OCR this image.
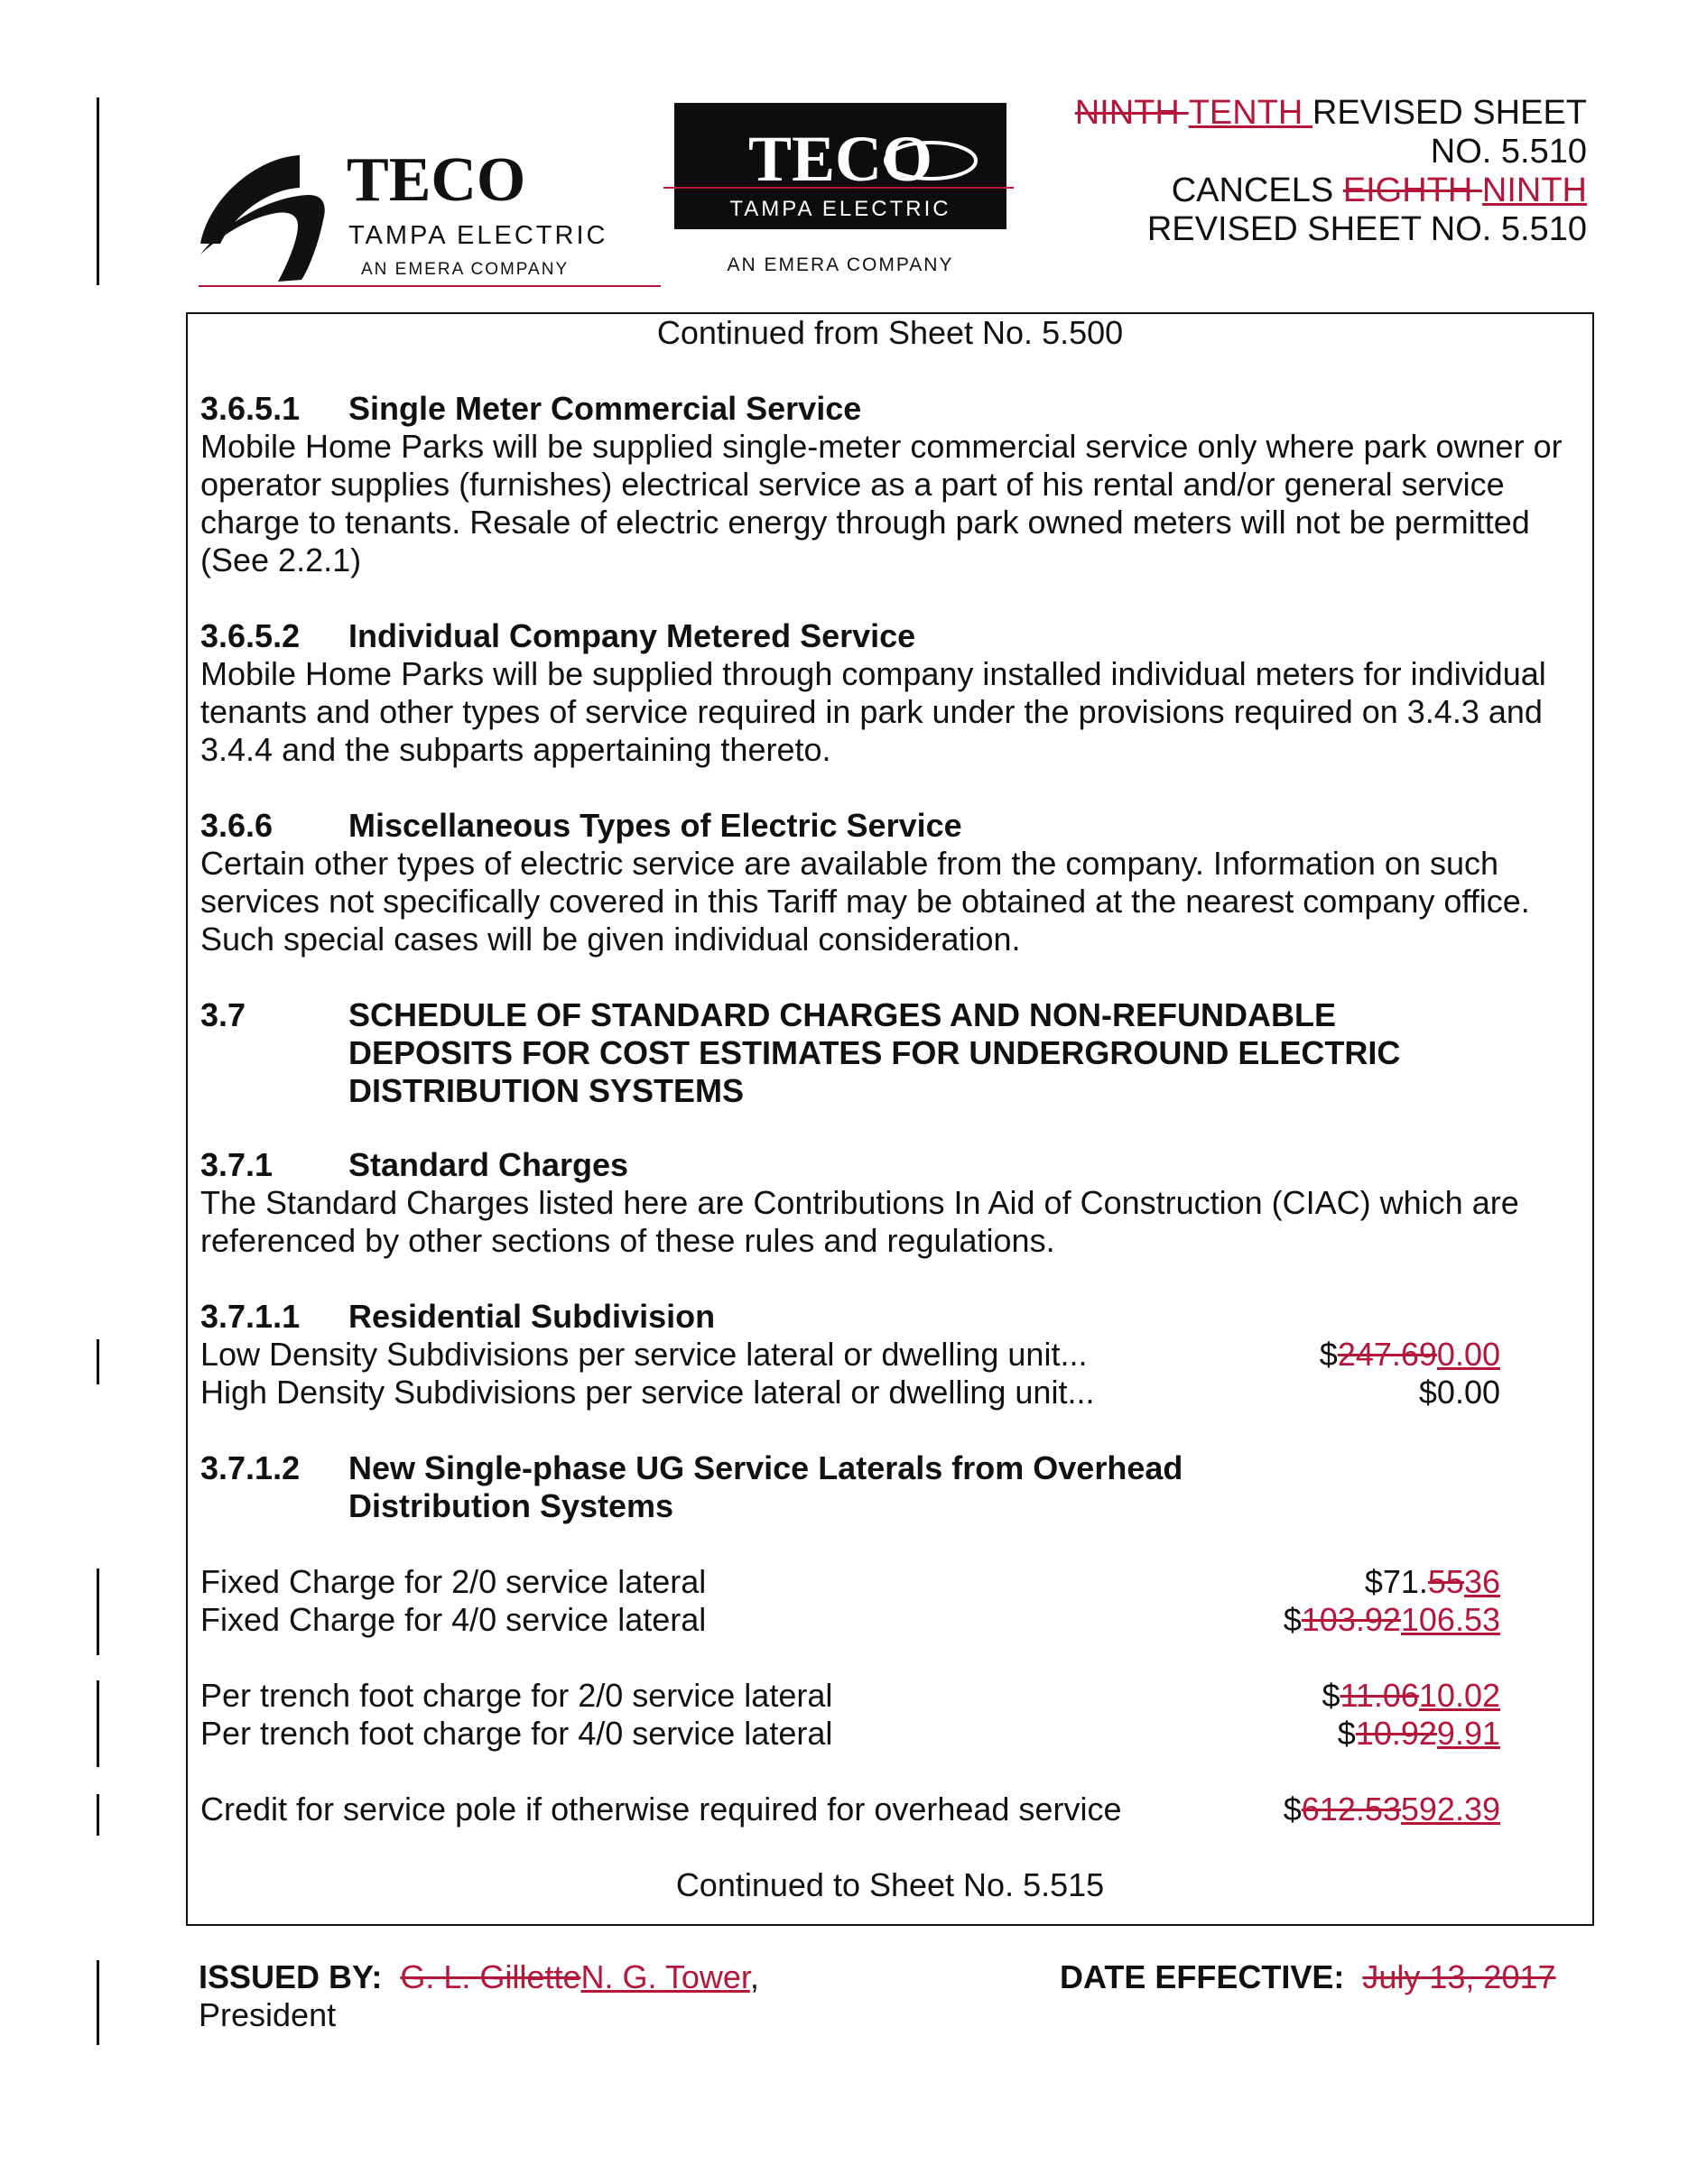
TECO
TAMPA ELECTRIC
AN EMERA COMPANY
TECO
TAMPA ELECTRIC
AN EMERA COMPANY
NINTH TENTH REVISED SHEET
NO. 5.510
CANCELS EIGHTH NINTH
REVISED SHEET NO. 5.510
Continued from Sheet No. 5.500
3.6.5.1 Single Meter Commercial Service
Mobile Home Parks will be supplied single-meter commercial service only where park owner or
operator supplies (furnishes) electrical service as a part of his rental and/or general service
charge to tenants. Resale of electric energy through park owned meters will not be permitted
(See 2.2.1)
3.6.5.2 Individual Company Metered Service
Mobile Home Parks will be supplied through company installed individual meters for individual
tenants and other types of service required in park under the provisions required on 3.4.3 and
3.4.4 and the subparts appertaining thereto.
3.6.6 Miscellaneous Types of Electric Service
Certain other types of electric service are available from the company. Information on such
services not specifically covered in this Tariff may be obtained at the nearest company office.
Such special cases will be given individual consideration.
3.7	SCHEDULE OF STANDARD CHARGES AND NON-REFUNDABLE
DEPOSITS FOR COST ESTIMATES FOR UNDERGROUND ELECTRIC
DISTRIBUTION SYSTEMS
3.7.1 Standard Charges
The Standard Charges listed here are Contributions In Aid of Construction (CIAC) which are
referenced by other sections of these rules and regulations.
3.7.1.1 Residential Subdivision
Low Density Subdivisions per service lateral or dwelling unit...	$247.690.00
High Density Subdivisions per service lateral or dwelling unit...	$0.00
3.7.1.2 New Single-phase UG Service Laterals from Overhead
Distribution Systems
Fixed Charge for 2/0 service lateral	$71.5536
Fixed Charge for 4/0 service lateral	$103.92106.53
Per trench foot charge for 2/0 service lateral	$11.0610.02
Per trench foot charge for 4/0 service lateral	$10.929.91
Credit for service pole if otherwise required for overhead service	$612.53592.39
Continued to Sheet No. 5.515
ISSUED BY: G. L. GilletteN. G. Tower,
President
DATE EFFECTIVE: July 13, 2017
